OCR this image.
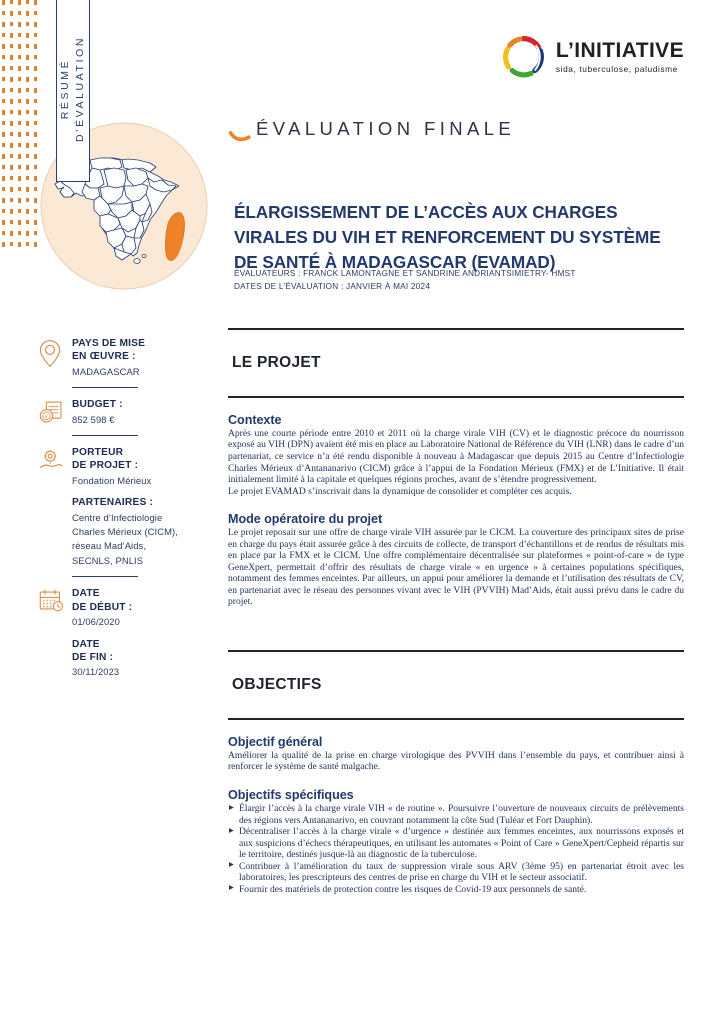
RÉSUMÉ D’ÉVALUATION	L’INITIATIVE
sida, tuberculose, paludisme
ÉVALUATION FINALE
ÉLARGISSEMENT DE L’ACCÈS AUX CHARGES VIRALES DU VIH ET RENFORCEMENT DU SYSTÈME DE SANTÉ À MADAGASCAR (EVAMAD)
ÉVALUATEURS : FRANCK LAMONTAGNE ET SANDRINE ANDRIANTSIMIETRY- HMST
DATES DE L’ÉVALUATION : JANVIER À MAI 2024
PAYS DE MISE
EN ŒUVRE :
MADAGASCAR
€
BUDGET :
852 598 €
PORTEUR
DE PROJET :
Fondation Mérieux
PARTENAIRES :
Centre d’Infectiologie
Charles Mérieux (CICM),
réseau Mad’Aids,
SECNLS, PNLIS
DATE
DE DÉBUT :
01/06/2020
DATE
DE FIN :
30/11/2023
LE PROJET
Contexte

Après une courte période entre 2010 et 2011 où la charge virale VIH (CV) et le diagnostic précoce du nourrisson exposé au VIH (DPN) avaient été mis en place au Laboratoire National de Référence du VIH (LNR) dans le cadre d’un partenariat, ce service n’a été rendu disponible à nouveau à Madagascar que depuis 2015 au Centre d’Infectiologie Charles Mérieux d’Antananarivo (CICM) grâce à l’appui de la Fondation Mérieux (FMX) et de L’Initiative. Il était initialement limité à la capitale et quelques régions proches, avant de s’étendre progressivement.

Le projet EVAMAD s’inscrivait dans la dynamique de consolider et compléter ces acquis.

Mode opératoire du projet

Le projet reposait sur une offre de charge virale VIH assurée par le CICM. La couverture des principaux sites de prise en charge du pays était assurée grâce à des circuits de collecte, de transport d’échantillons et de rendus de résultats mis en place par la FMX et le CICM. Une offre complémentaire décentralisée sur plateformes « point-of-care » de type GeneXpert, permettait d’offrir des résultats de charge virale « en urgence » à certaines populations spécifiques, notamment des femmes enceintes. Par ailleurs, un appui pour améliorer la demande et l’utilisation des résultats de CV, en partenariat avec le réseau des personnes vivant avec le VIH (PVVIH) Mad’Aids, était aussi prévu dans le cadre du projet.

OBJECTIFS
Objectif général

Améliorer la qualité de la prise en charge virologique des PVVIH dans l’ensemble du pays, et contribuer ainsi à renforcer le système de santé malgache.

Objectifs spécifiques
▸ Élargir l’accès à la charge virale VIH « de routine ». Poursuivre l’ouverture de nouveaux circuits de prélèvements des régions vers Antananarivo, en couvrant notamment la côte Sud (Tuléar et Fort Dauphin).
▸ Décentraliser l’accès à la charge virale « d’urgence » destinée aux femmes enceintes, aux nourrissons exposés et aux suspicions d’échecs thérapeutiques, en utilisant les automates « Point of Care » GeneXpert/Cepheid répartis sur le territoire, destinés jusque-là au diagnostic de la tuberculose.
▸ Contribuer à l’amélioration du taux de suppression virale sous ARV (3ème 95) en partenariat étroit avec les laboratoires, les prescripteurs des centres de prise en charge du VIH et le secteur associatif.
▸ Fournir des matériels de protection contre les risques de Covid-19 aux personnels de santé.
